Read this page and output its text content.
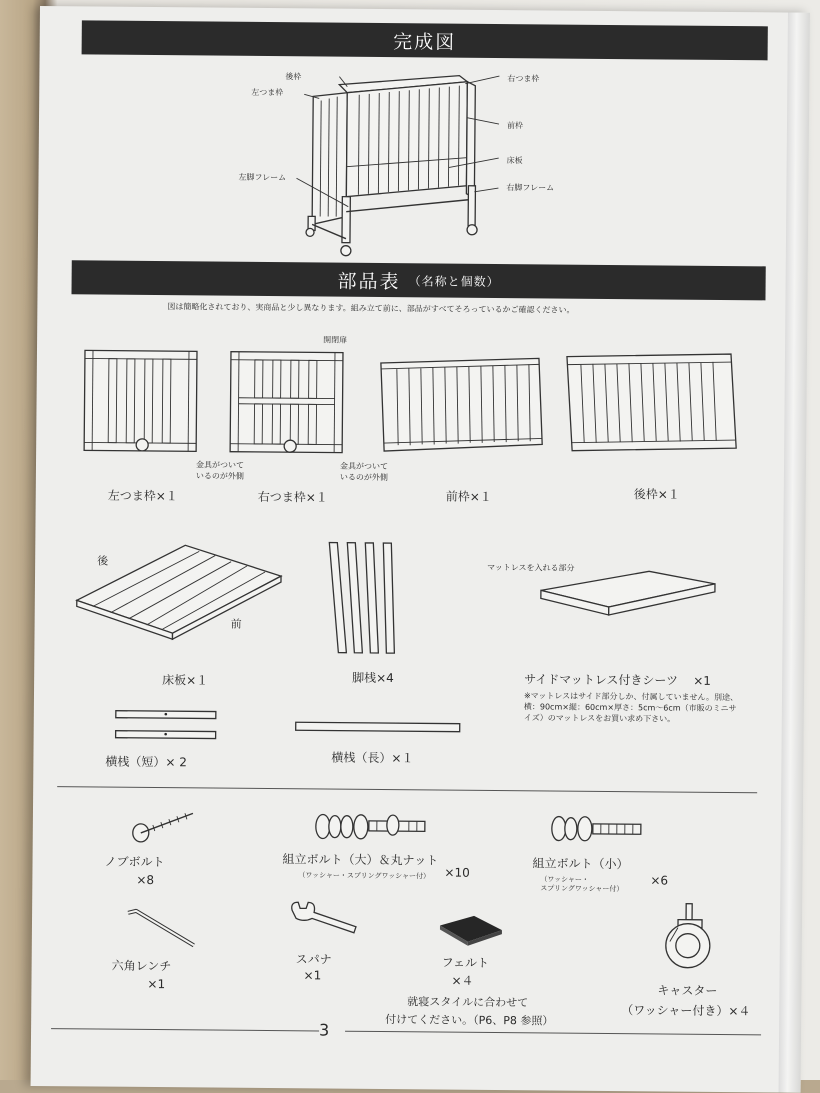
完成図
後枠
左つま枠
右つま枠
前枠
床板
左脚フレーム
右脚フレーム
部品表 （名称と個数）
図は簡略化されており、実商品と少し異なります。組み立て前に、部品がすべてそろっているかご確認ください。
開閉扉
金具がついて
いるのが外側
金具がついて
いるのが外側
左つま枠×１	右つま枠×１	前枠×１	後枠×１
後
前
マットレスを入れる部分
床板×１	脚桟×4	サイドマットレス付きシーツ ×1
※マットレスはサイド部分しか、付属していません。別途、横：90cm×縦：60cm×厚さ：5cm〜6cm（市販のミニサイズ）のマットレスをお買い求め下さい。
横桟（短）× 2	横桟（長）×１
ノブボルト
×8
組立ボルト（大）＆丸ナット
（ワッシャー・スプリングワッシャー付） ×10
組立ボルト（小）
（ワッシャー・
スプリングワッシャー付）
×6
六角レンチ
×1
スパナ
×1
フェルト
×４
就寝スタイルに合わせて
付けてください。（P6、P8 参照）
キャスター
（ワッシャー付き）×４
3
